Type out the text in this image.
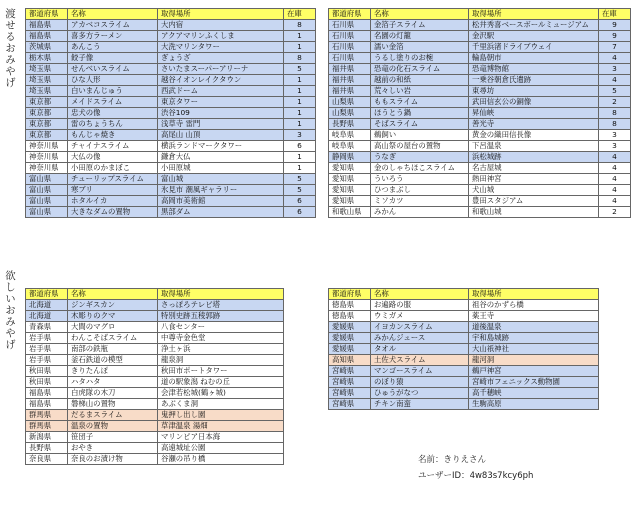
渡せるおみやげ
欲しいおみやげ
都道府県	名称	取得場所	在庫
福島県	アカベコスライム	大内宿	8
福島県	喜多方ラーメン	アクアマリンふくしま	1
茨城県	あんこう	大洗マリンタワー	1
栃木県	餃子像	ぎょうざ	8
埼玉県	せんべいスライム	さいたまスーパーアリーナ	5
埼玉県	ひな人形	越谷イオンレイクタウン	1
埼玉県	白いまんじゅう	西武ドーム	1
東京都	メイドスライム	東京タワー	1
東京都	忠犬の像	渋谷109	1
東京都	雷のちょうちん	浅草寺 雷門	1
東京都	もんじゃ焼き	高尾山 山頂	3
神奈川県	チャイナスライム	横浜ランドマークタワー	6
神奈川県	大仏の像	鎌倉大仏	1
神奈川県	小田原のかまぼこ	小田原城	1
富山県	チューリップスライム	富山城	5
富山県	寒ブリ	氷見市 潮風ギャラリー	5
富山県	ホタルイカ	高岡市美術館	6
富山県	大きなダムの置物	黒部ダム	6
都道府県	名称	取得場所	在庫
石川県	金箔子スライム	松井秀喜ベースボールミュージアム	9
石川県	名園の灯籠	金沢駅	9
石川県	濡い金箔	千里浜渚ドライブウェイ	7
石川県	うるし塗りのお椀	輪島朝市	4
福井県	恐竜の化石スライム	恐竜博物館	3
福井県	越前の和紙	一乗谷朝倉氏遺跡	4
福井県	荒々しい岩	東尋坊	5
山梨県	ももスライム	武田信玄公の銅像	2
山梨県	ほうとう鍋	昇仙峡	8
長野県	そばスライム	善光寺	8
岐阜県	鵜飼い	黄金の織田信長像	3
岐阜県	高山祭の屋台の置物	下呂温泉	3
静岡県	うなぎ	浜松城跡	4
愛知県	金のしゃちほこスライム	名古屋城	4
愛知県	ういろう	熱田神宮	4
愛知県	ひつまぶし	犬山城	4
愛知県	ミソカツ	豊田スタジアム	4
和歌山県	みかん	和歌山城	2
都道府県	名称	取得場所
北海道	ジンギスカン	さっぽろテレビ塔
北海道	木彫りのクマ	特別史跡五稜郭跡
青森県	大間のマグロ	八食センター
岩手県	わんこそばスライム	中尊寺金色堂
岩手県	南部の鉄瓶	浄土ヶ浜
岩手県	釜石鉄道の模型	龍泉洞
秋田県	きりたんぽ	秋田市ポートタワー
秋田県	ハタハタ	道の駅象潟 ねむの丘
福島県	白虎隊の木刀	会津若松城(鶴ヶ城)
福島県	磐梯山の置物	あぶくま洞
群馬県	だるまスライム	鬼押し出し園
群馬県	温泉の置物	草津温泉 湯畑
新潟県	笹団子	マリンピア日本海
長野県	おやき	高遠城址公園
奈良県	奈良のお漬け物	谷瀬の吊り橋
都道府県	名称	取得場所
徳島県	お遍路の服	祖谷のかずら橋
徳島県	ウミガメ	薬王寺
愛媛県	イヨカンスライム	道後温泉
愛媛県	みかんジュース	宇和島城跡
愛媛県	タオル	大山祇神社
高知県	土佐犬スライム	龍河洞
宮崎県	マンゴースライム	鵜戸神宮
宮崎県	のぼり猿	宮崎市フェニックス動物園
宮崎県	ひゅうがなつ	高千穂峡
宮崎県	チキン南蛮	生駒高原
名前：きりえさん
ユーザーID：4w83s7kcy6ph
